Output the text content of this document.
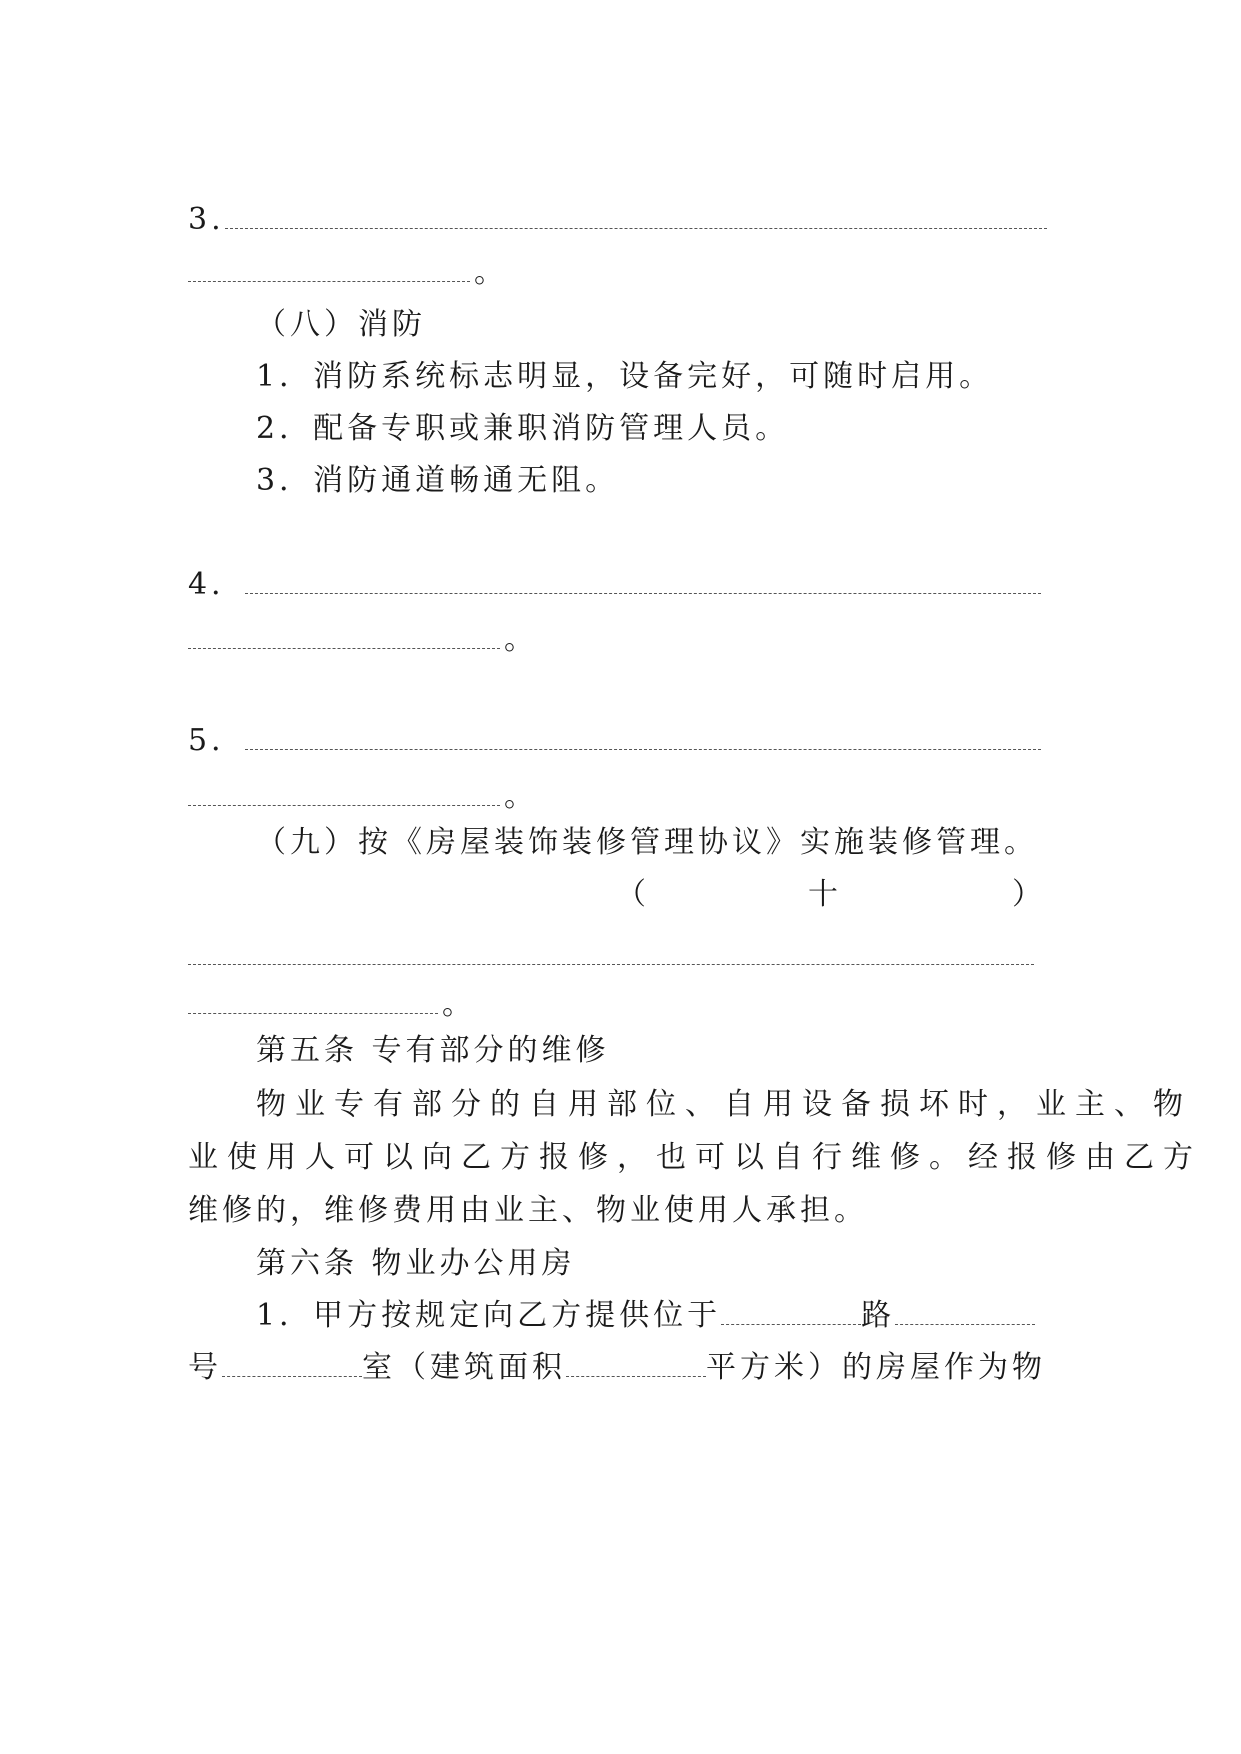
3.
。
（八）消防
1．消防系统标志明显，设备完好，可随时启用。
2．配备专职或兼职消防管理人员。
3．消防通道畅通无阻。
4．
。
5．
。
（九）按《房屋装饰装修管理协议》实施装修管理。
（	十	）
。
第五条 专有部分的维修
物业专有部分的自用部位、自用设备损坏时，业主、物
业使用人可以向乙方报修，也可以自行维修。经报修由乙方
维修的，维修费用由业主、物业使用人承担。
第六条 物业办公用房
1．甲方按规定向乙方提供位于	路
号	室（建筑面积	平方米）的房屋作为物
